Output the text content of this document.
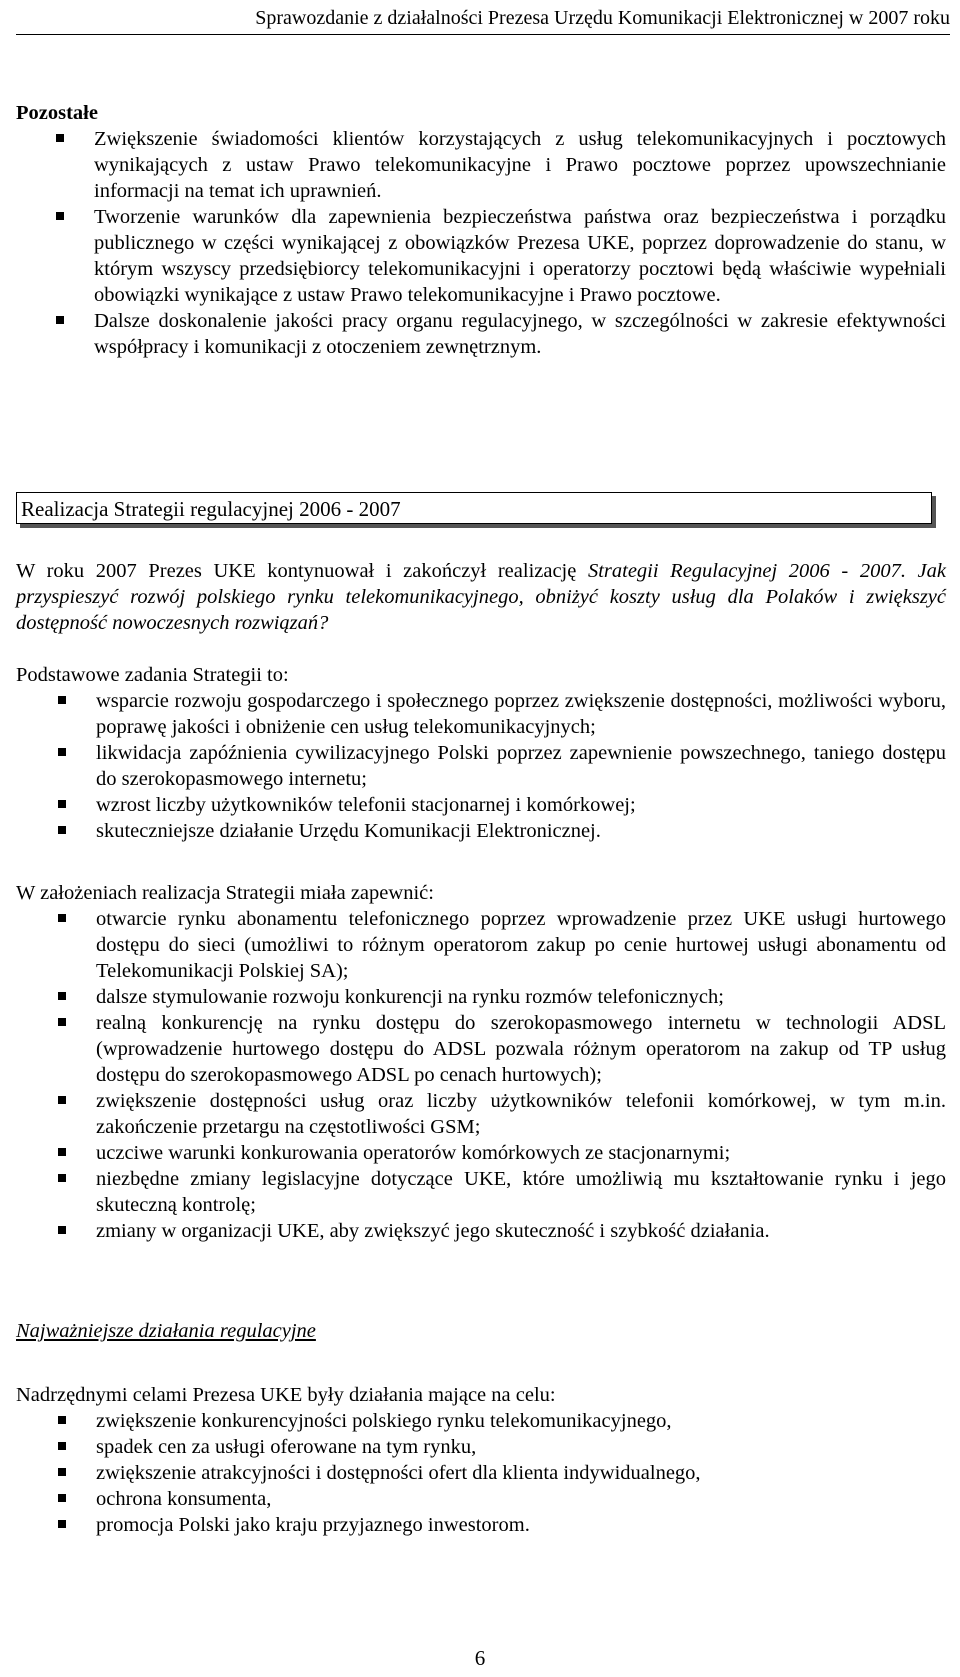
Sprawozdanie z działalności Prezesa Urzędu Komunikacji Elektronicznej w 2007 roku
Pozostałe
Zwiększenie świadomości klientów korzystających z usług telekomunikacyjnych i pocztowych wynikających z ustaw Prawo telekomunikacyjne i Prawo pocztowe poprzez upowszechnianie informacji na temat ich uprawnień.
Tworzenie warunków dla zapewnienia bezpieczeństwa państwa oraz bezpieczeństwa i porządku publicznego w części wynikającej z obowiązków Prezesa UKE, poprzez doprowadzenie do stanu, w którym wszyscy przedsiębiorcy telekomunikacyjni i operatorzy pocztowi będą właściwie wypełniali obowiązki wynikające z ustaw Prawo telekomunikacyjne i Prawo pocztowe.
Dalsze doskonalenie jakości pracy organu regulacyjnego, w szczególności w zakresie efektywności współpracy i komunikacji z otoczeniem zewnętrznym.
Realizacja Strategii regulacyjnej 2006 - 2007
W roku 2007 Prezes UKE kontynuował i zakończył realizację Strategii Regulacyjnej 2006 - 2007. Jak przyspieszyć rozwój polskiego rynku telekomunikacyjnego, obniżyć koszty usług dla Polaków i zwiększyć dostępność nowoczesnych rozwiązań?
Podstawowe zadania Strategii to:
wsparcie rozwoju gospodarczego i społecznego poprzez zwiększenie dostępności, możliwości wyboru, poprawę jakości i obniżenie cen usług telekomunikacyjnych;
likwidacja zapóźnienia cywilizacyjnego Polski poprzez zapewnienie powszechnego, taniego dostępu do szerokopasmowego internetu;
wzrost liczby użytkowników telefonii stacjonarnej i komórkowej;
skuteczniejsze działanie Urzędu Komunikacji Elektronicznej.
W założeniach realizacja Strategii miała zapewnić:
otwarcie rynku abonamentu telefonicznego poprzez wprowadzenie przez UKE usługi hurtowego dostępu do sieci (umożliwi to różnym operatorom zakup po cenie hurtowej usługi abonamentu od Telekomunikacji Polskiej SA);
dalsze stymulowanie rozwoju konkurencji na rynku rozmów telefonicznych;
realną konkurencję na rynku dostępu do szerokopasmowego internetu w technologii ADSL (wprowadzenie hurtowego dostępu do ADSL pozwala różnym operatorom na zakup od TP usług dostępu do szerokopasmowego ADSL po cenach hurtowych);
zwiększenie dostępności usług oraz liczby użytkowników telefonii komórkowej, w tym m.in. zakończenie przetargu na częstotliwości GSM;
uczciwe warunki konkurowania operatorów komórkowych ze stacjonarnymi;
niezbędne zmiany legislacyjne dotyczące UKE, które umożliwią mu kształtowanie rynku i jego skuteczną kontrolę;
zmiany w organizacji UKE, aby zwiększyć jego skuteczność i szybkość działania.
Najważniejsze działania regulacyjne
Nadrzędnymi celami Prezesa UKE były działania mające na celu:
zwiększenie konkurencyjności polskiego rynku telekomunikacyjnego,
spadek cen za usługi oferowane na tym rynku,
zwiększenie atrakcyjności i dostępności ofert dla klienta indywidualnego,
ochrona konsumenta,
promocja Polski jako kraju przyjaznego inwestorom.
6
